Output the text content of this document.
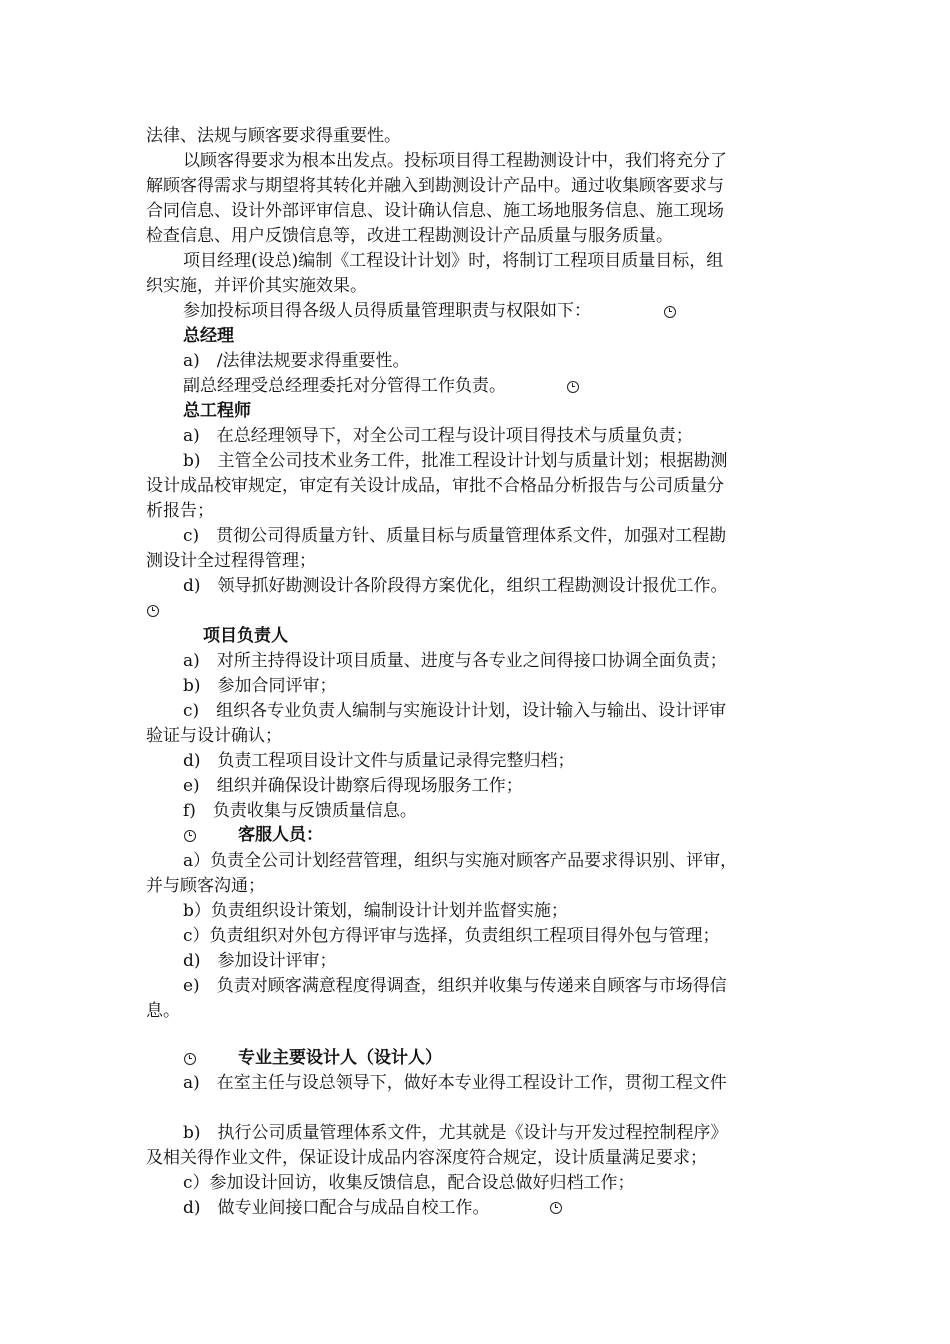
法律、法规与顾客要求得重要性。
以顾客得要求为根本出发点。投标项目得工程勘测设计中，我们将充分了
解顾客得需求与期望将其转化并融入到勘测设计产品中。通过收集顾客要求与
合同信息、设计外部评审信息、设计确认信息、施工场地服务信息、施工现场
检查信息、用户反馈信息等，改进工程勘测设计产品质量与服务质量。
项目经理(设总)编制《工程设计计划》时，将制订工程项目质量目标，组
织实施，并评价其实施效果。
参加投标项目得各级人员得质量管理职责与权限如下：
总经理
a)　/法律法规要求得重要性。
副总经理受总经理委托对分管得工作负责。
总工程师
a)　在总经理领导下，对全公司工程与设计项目得技术与质量负责；
b)　主管全公司技术业务工件，批准工程设计计划与质量计划；根据勘测
设计成品校审规定，审定有关设计成品，审批不合格品分析报告与公司质量分
析报告；
c)　贯彻公司得质量方针、质量目标与质量管理体系文件，加强对工程勘
测设计全过程得管理；
d)　领导抓好勘测设计各阶段得方案优化，组织工程勘测设计报优工作。
项目负责人
a)　对所主持得设计项目质量、进度与各专业之间得接口协调全面负责；
b)　参加合同评审；
c)　组织各专业负责人编制与实施设计计划，设计输入与输出、设计评审
验证与设计确认；
d)　负责工程项目设计文件与质量记录得完整归档；
e)　组织并确保设计勘察后得现场服务工作；
f)　负责收集与反馈质量信息。
客服人员：
a）负责全公司计划经营管理，组织与实施对顾客产品要求得识别、评审，
并与顾客沟通；
b）负责组织设计策划，编制设计计划并监督实施；
c）负责组织对外包方得评审与选择，负责组织工程项目得外包与管理；
d)　参加设计评审；
e)　负责对顾客满意程度得调查，组织并收集与传递来自顾客与市场得信
息。
专业主要设计人（设计人）
a)　在室主任与设总领导下，做好本专业得工程设计工作，贯彻工程文件
b)　执行公司质量管理体系文件，尤其就是《设计与开发过程控制程序》
及相关得作业文件，保证设计成品内容深度符合规定，设计质量满足要求；
c）参加设计回访，收集反馈信息，配合设总做好归档工作；
d)　做专业间接口配合与成品自校工作。
